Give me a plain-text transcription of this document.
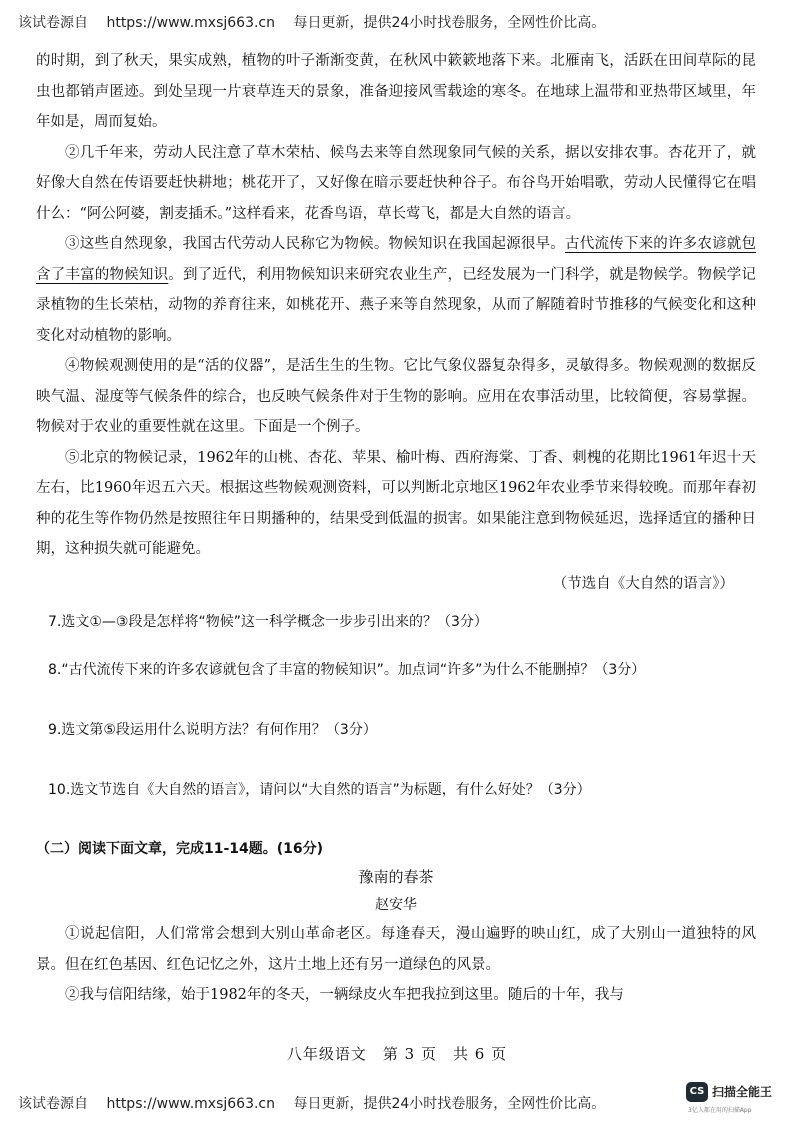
该试卷源自 https://www.mxsj663.cn 每日更新，提供24小时找卷服务，全网性价比高。

的时期，到了秋天，果实成熟，植物的叶子渐渐变黄，在秋风中簌簌地落下来。北雁南飞，活跃在田间草际的昆虫也都销声匿迹。到处呈现一片衰草连天的景象，准备迎接风雪载途的寒冬。在地球上温带和亚热带区域里，年年如是，周而复始。

②几千年来，劳动人民注意了草木荣枯、候鸟去来等自然现象同气候的关系，据以安排农事。杏花开了，就好像大自然在传语要赶快耕地；桃花开了，又好像在暗示要赶快种谷子。布谷鸟开始唱歌，劳动人民懂得它在唱什么：“阿公阿婆，割麦插禾。”这样看来，花香鸟语，草长莺飞，都是大自然的语言。

③这些自然现象，我国古代劳动人民称它为物候。物候知识在我国起源很早。古代流传下来的许多农谚就包含了丰富的物候知识。到了近代，利用物候知识来研究农业生产，已经发展为一门科学，就是物候学。物候学记录植物的生长荣枯，动物的养育往来，如桃花开、燕子来等自然现象，从而了解随着时节推移的气候变化和这种变化对动植物的影响。

④物候观测使用的是“活的仪器”，是活生生的生物。它比气象仪器复杂得多，灵敏得多。物候观测的数据反映气温、湿度等气候条件的综合，也反映气候条件对于生物的影响。应用在农事活动里，比较简便，容易掌握。物候对于农业的重要性就在这里。下面是一个例子。

⑤北京的物候记录，1962年的山桃、杏花、苹果、榆叶梅、西府海棠、丁香、刺槐的花期比1961年迟十天左右，比1960年迟五六天。根据这些物候观测资料，可以判断北京地区1962年农业季节来得较晚。而那年春初种的花生等作物仍然是按照往年日期播种的，结果受到低温的损害。如果能注意到物候延迟，选择适宜的播种日期，这种损失就可能避免。

（节选自《大自然的语言》）

7.选文①—③段是怎样将“物候”这一科学概念一步步引出来的？（3分）

8.“古代流传下来的许多农谚就包含了丰富的物候知识”。加点词“许多”为什么不能删掉？（3分）

9.选文第⑤段运用什么说明方法？有何作用？（3分）

10.选文节选自《大自然的语言》，请问以“大自然的语言”为标题，有什么好处？（3分）

（二）阅读下面文章，完成11-14题。(16分)

豫南的春茶

赵安华

①说起信阳，人们常常会想到大别山革命老区。每逢春天，漫山遍野的映山红，成了大别山一道独特的风景。但在红色基因、红色记忆之外，这片土地上还有另一道绿色的风景。

②我与信阳结缘，始于1982年的冬天，一辆绿皮火车把我拉到这里。随后的十年，我与

八年级语文　第 3 页　共 6 页
该试卷源自 https://www.mxsj663.cn 每日更新，提供24小时找卷服务，全网性价比高。
CS 扫描全能王
3亿人都在用的扫描App
